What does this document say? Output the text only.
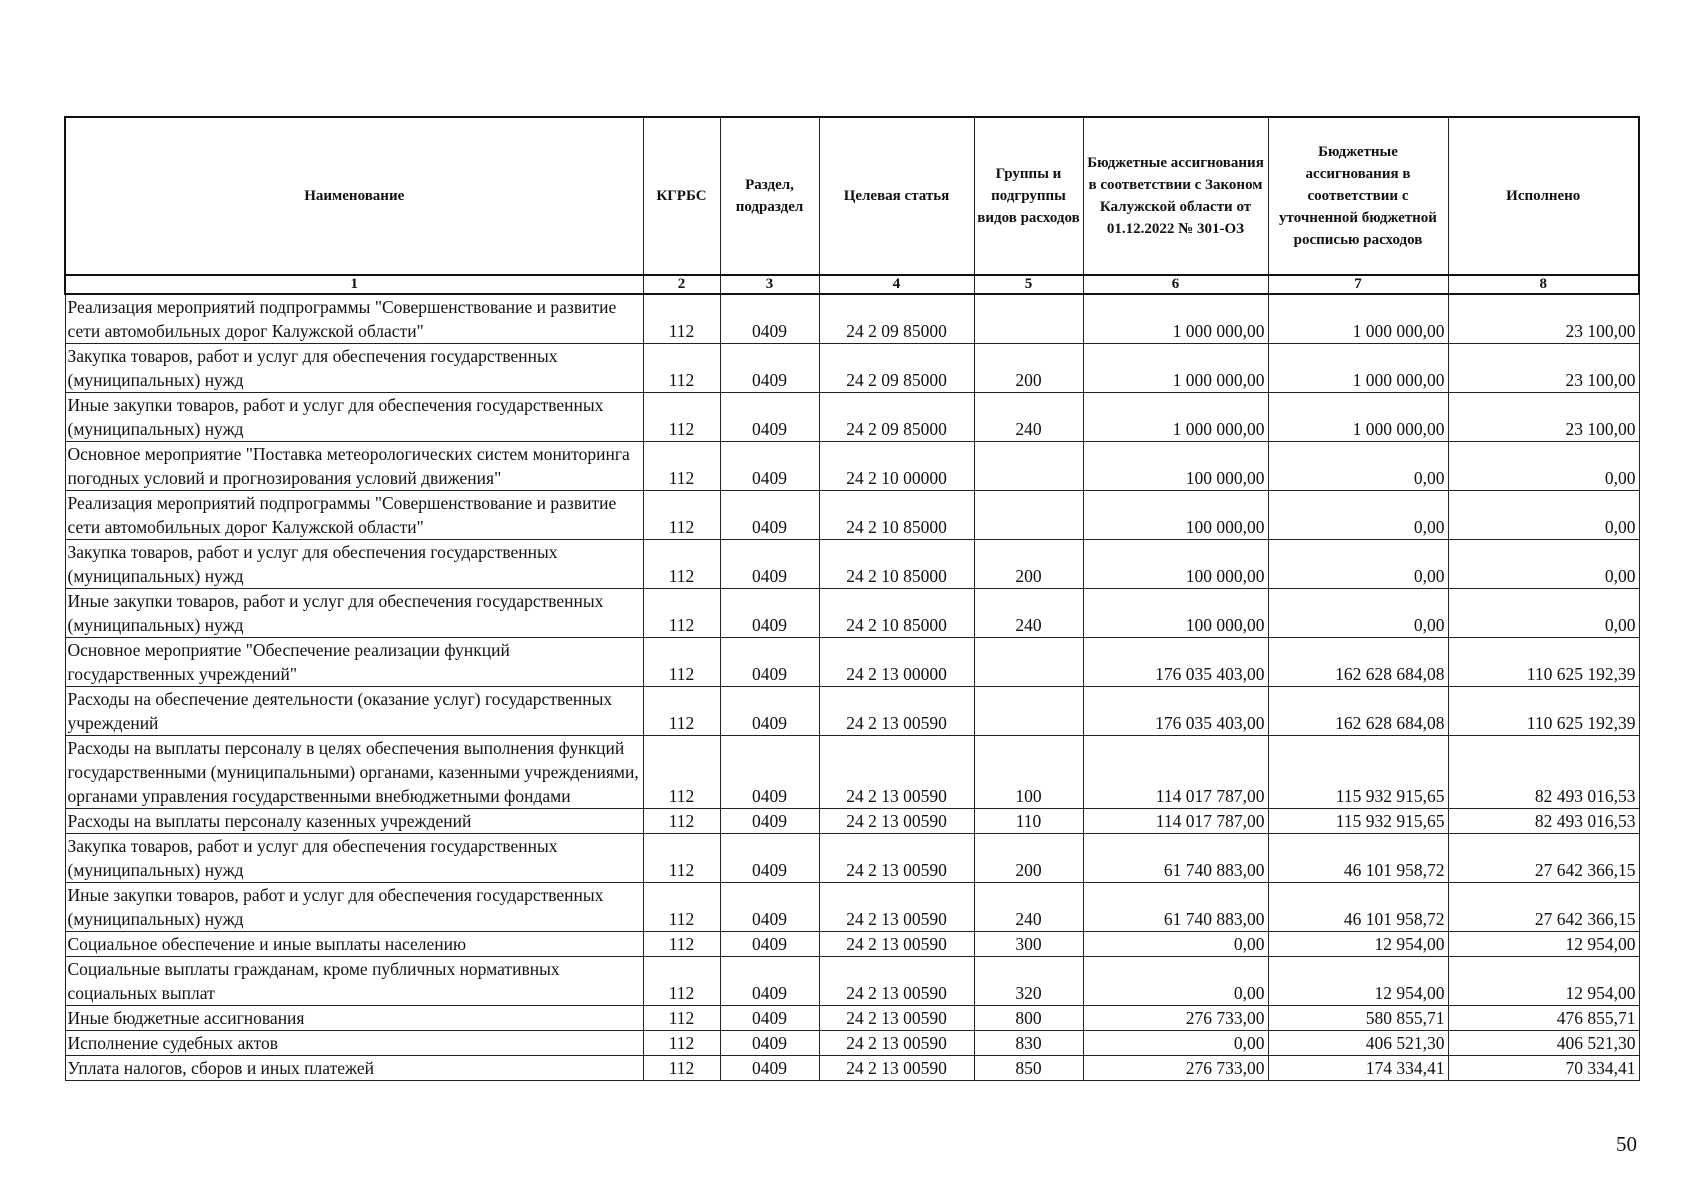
Наименование	КГРБС	Раздел, подраздел	Целевая статья	Группы и подгруппы видов расходов	Бюджетные ассигнования в соответствии с Законом Калужской области от 01.12.2022 № 301-ОЗ	Бюджетные ассигнования в соответствии с уточненной бюджетной росписью расходов	Исполнено
1	2	3	4	5	6	7	8
Реализация мероприятий подпрограммы "Совершенствование и развитие сети автомобильных дорог Калужской области"	112	0409	24 2 09 85000		1 000 000,00	1 000 000,00	23 100,00
Закупка товаров, работ и услуг для обеспечения государственных (муниципальных) нужд	112	0409	24 2 09 85000	200	1 000 000,00	1 000 000,00	23 100,00
Иные закупки товаров, работ и услуг для обеспечения государственных (муниципальных) нужд	112	0409	24 2 09 85000	240	1 000 000,00	1 000 000,00	23 100,00
Основное мероприятие "Поставка метеорологических систем мониторинга погодных условий и прогнозирования условий движения"	112	0409	24 2 10 00000		100 000,00	0,00	0,00
Реализация мероприятий подпрограммы "Совершенствование и развитие сети автомобильных дорог Калужской области"	112	0409	24 2 10 85000		100 000,00	0,00	0,00
Закупка товаров, работ и услуг для обеспечения государственных (муниципальных) нужд	112	0409	24 2 10 85000	200	100 000,00	0,00	0,00
Иные закупки товаров, работ и услуг для обеспечения государственных (муниципальных) нужд	112	0409	24 2 10 85000	240	100 000,00	0,00	0,00
Основное мероприятие "Обеспечение реализации функций государственных учреждений"	112	0409	24 2 13 00000		176 035 403,00	162 628 684,08	110 625 192,39
Расходы на обеспечение деятельности (оказание услуг) государственных учреждений	112	0409	24 2 13 00590		176 035 403,00	162 628 684,08	110 625 192,39
Расходы на выплаты персоналу в целях обеспечения выполнения функций государственными (муниципальными) органами, казенными учреждениями, органами управления государственными внебюджетными фондами	112	0409	24 2 13 00590	100	114 017 787,00	115 932 915,65	82 493 016,53
Расходы на выплаты персоналу казенных учреждений	112	0409	24 2 13 00590	110	114 017 787,00	115 932 915,65	82 493 016,53
Закупка товаров, работ и услуг для обеспечения государственных (муниципальных) нужд	112	0409	24 2 13 00590	200	61 740 883,00	46 101 958,72	27 642 366,15
Иные закупки товаров, работ и услуг для обеспечения государственных (муниципальных) нужд	112	0409	24 2 13 00590	240	61 740 883,00	46 101 958,72	27 642 366,15
Социальное обеспечение и иные выплаты населению	112	0409	24 2 13 00590	300	0,00	12 954,00	12 954,00
Социальные выплаты гражданам, кроме публичных нормативных социальных выплат	112	0409	24 2 13 00590	320	0,00	12 954,00	12 954,00
Иные бюджетные ассигнования	112	0409	24 2 13 00590	800	276 733,00	580 855,71	476 855,71
Исполнение судебных актов	112	0409	24 2 13 00590	830	0,00	406 521,30	406 521,30
Уплата налогов, сборов и иных платежей	112	0409	24 2 13 00590	850	276 733,00	174 334,41	70 334,41
50
